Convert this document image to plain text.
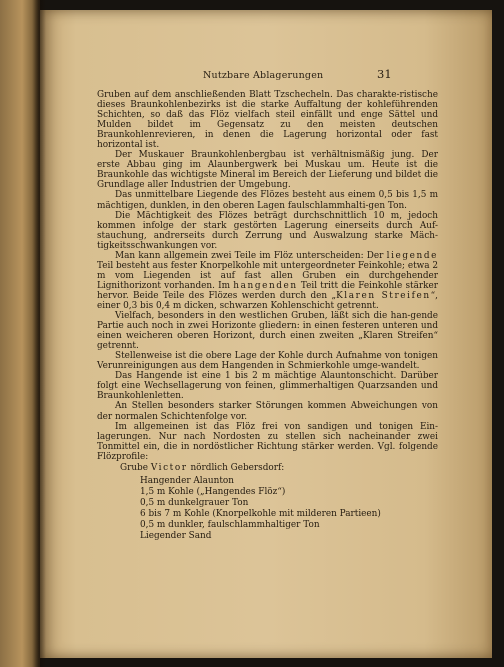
Nutzbare Ablagerungen	31

Gruben auf dem anschließenden Blatt Tzschecheln. Das charakte-ristische dieses Braunkohlenbezirks ist die starke Auffaltung der kohleführenden Schichten, so daß das Flöz vielfach steil einfällt und enge Sättel und Mulden bildet im Gegensatz zu den meisten deutschen Braunkohlenrevieren, in denen die Lagerung horizontal oder fast horizontal ist.

Der Muskauer Braunkohlenbergbau ist verhältnismäßig jung. Der erste Abbau ging im Alaunbergwerk bei Muskau um. Heute ist die Braunkohle das wichtigste Mineral im Bereich der Lieferung und bildet die Grundlage aller Industrien der Umgebung.

Das unmittelbare Liegende des Flözes besteht aus einem 0,5 bis 1,5 m mächtigen, dunklen, in den oberen Lagen faulschlammhalti-gen Ton.

Die Mächtigkeit des Flözes beträgt durchschnittlich 10 m, jedoch kommen infolge der stark gestörten Lagerung einerseits durch Auf-stauchung, andrerseits durch Zerrung und Auswalzung starke Mäch-tigkeitsschwankungen vor.

Man kann allgemein zwei Teile im Flöz unterscheiden: Der liegende Teil besteht aus fester Knorpelkohle mit untergeordneter Feinkohle; etwa 2 m vom Liegenden ist auf fast allen Gruben ein durchgehender Lignithorizont vorhanden. Im hangenden Teil tritt die Feinkohle stärker hervor. Beide Teile des Flözes werden durch den „Klaren Streifen“, einer 0,3 bis 0,4 m dicken, schwarzen Kohlenschicht getrennt.

Vielfach, besonders in den westlichen Gruben, läßt sich die han-gende Partie auch noch in zwei Horizonte gliedern: in einen festeren unteren und einen weicheren oberen Horizont, durch einen zweiten „Klaren Streifen“ getrennt.

Stellenweise ist die obere Lage der Kohle durch Aufnahme von tonigen Verunreinigungen aus dem Hangenden in Schmierkohle umge-wandelt.

Das Hangende ist eine 1 bis 2 m mächtige Alauntonschicht. Darüber folgt eine Wechsellagerung von feinen, glimmerhaltigen Quarzsanden und Braunkohlenletten.

An Stellen besonders starker Störungen kommen Abweichungen von der normalen Schichtenfolge vor.

Im allgemeinen ist das Flöz frei von sandigen und tonigen Ein-lagerungen. Nur nach Nordosten zu stellen sich nacheinander zwei Tonmittel ein, die in nordöstlicher Richtung stärker werden. Vgl. folgende Flözprofile:

Grube Victor nördlich Gebersdorf:
Hangender Alaunton
1,5 m Kohle („Hangendes Flöz“)
0,5 m dunkelgrauer Ton
6 bis 7 m Kohle (Knorpelkohle mit milderen Partieen)
0,5 m dunkler, faulschlammhaltiger Ton
Liegender Sand
